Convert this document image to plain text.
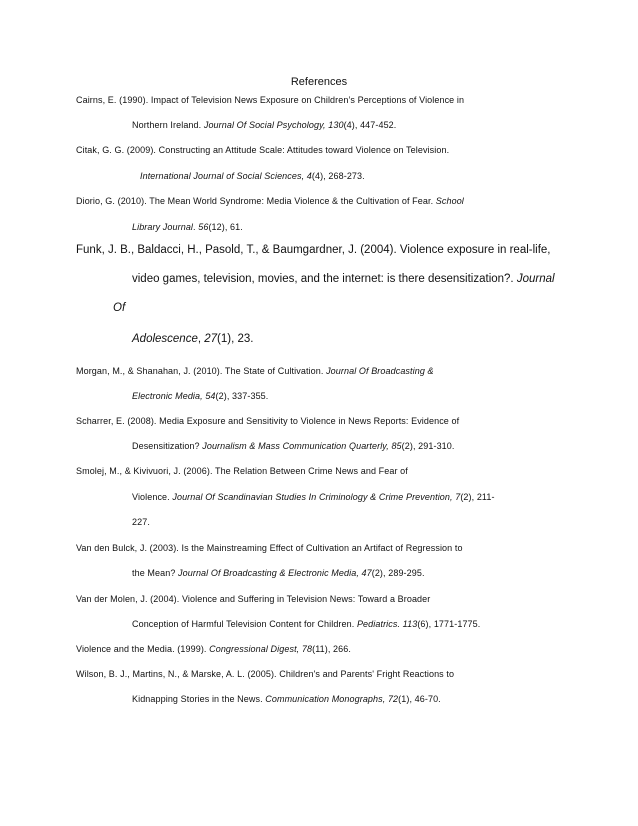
References
Cairns, E. (1990). Impact of Television News Exposure on Children’s Perceptions of Violence in
Northern Ireland. Journal Of Social Psychology, 130(4), 447-452.
Citak, G. G. (2009). Constructing an Attitude Scale: Attitudes toward Violence on Television.
International Journal of Social Sciences, 4(4), 268-273.
Diorio, G. (2010). The Mean World Syndrome: Media Violence & the Cultivation of Fear. School
Library Journal. 56(12), 61.
Funk, J. B., Baldacci, H., Pasold, T., & Baumgardner, J. (2004). Violence exposure in real-life,
video games, television, movies, and the internet: is there desensitization?. Journal
Of
Adolescence, 27(1), 23.
Morgan, M., & Shanahan, J. (2010). The State of Cultivation. Journal Of Broadcasting &
Electronic Media, 54(2), 337-355.
Scharrer, E. (2008). Media Exposure and Sensitivity to Violence in News Reports: Evidence of
Desensitization? Journalism & Mass Communication Quarterly, 85(2), 291-310.
Smolej, M., & Kivivuori, J. (2006). The Relation Between Crime News and Fear of
Violence. Journal Of Scandinavian Studies In Criminology & Crime Prevention, 7(2), 211-
227.
Van den Bulck, J. (2003). Is the Mainstreaming Effect of Cultivation an Artifact of Regression to
the Mean? Journal Of Broadcasting & Electronic Media, 47(2), 289-295.
Van der Molen, J. (2004). Violence and Suffering in Television News: Toward a Broader
Conception of Harmful Television Content for Children. Pediatrics. 113(6), 1771-1775.
Violence and the Media. (1999). Congressional Digest, 78(11), 266.
Wilson, B. J., Martins, N., & Marske, A. L. (2005). Children's and Parents' Fright Reactions to
Kidnapping Stories in the News. Communication Monographs, 72(1), 46-70.
